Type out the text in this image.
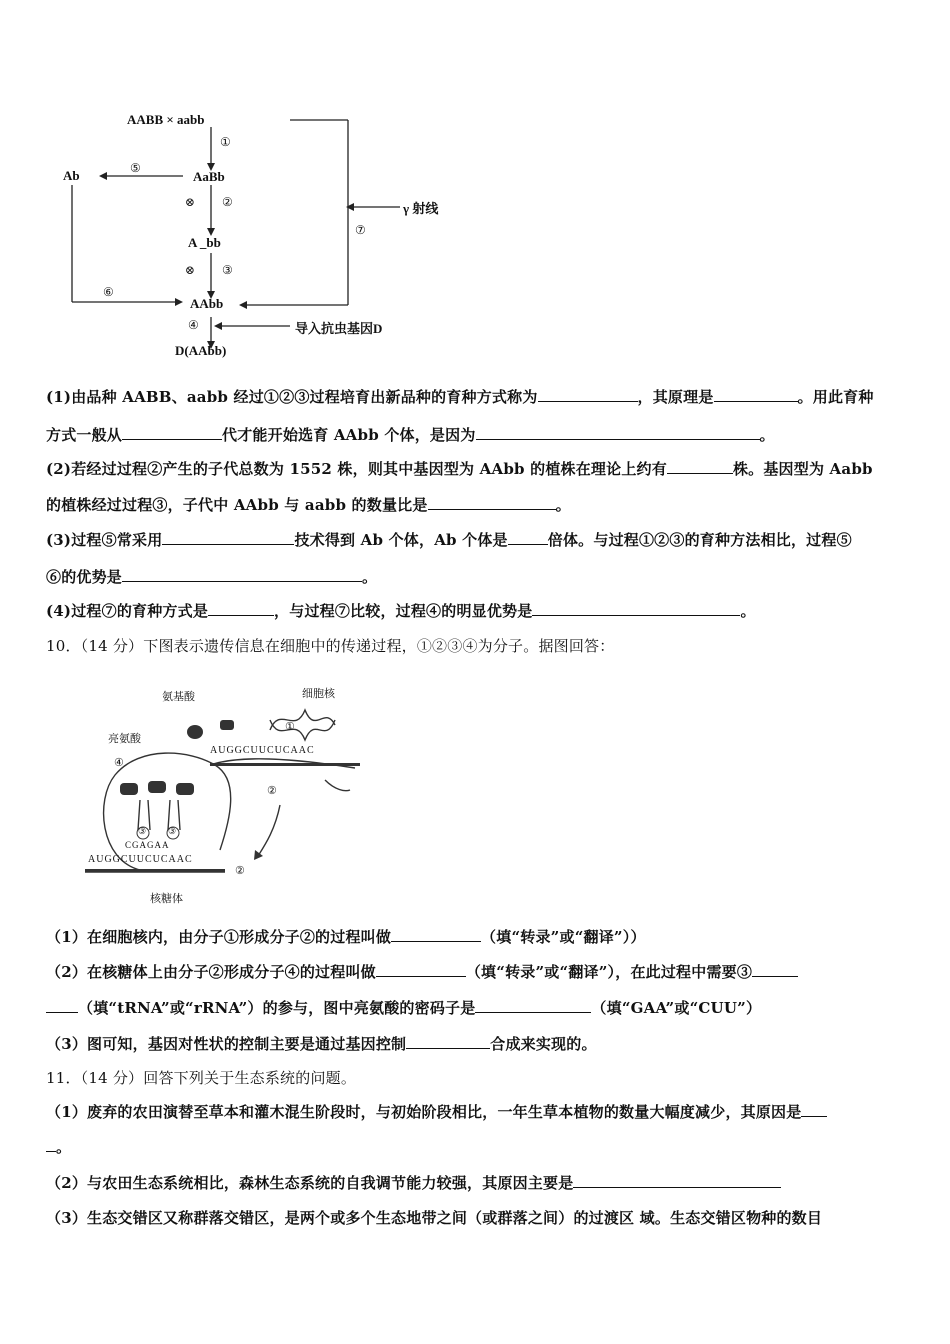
AABB × aabb
①
AaBb
Ab	⑤
⊗ ②
A _bb
⊗ ③
AAbb
⑥
⑦
γ 射线
④	导入抗虫基因D
D(AAbb)
(1)由品种 AABB、aabb 经过①②③过程培育出新品种的育种方式称为	，其原理是	。用此育种
方式一般从	代才能开始选育 AAbb 个体，是因为	。
(2)若经过过程②产生的子代总数为 1552 株，则其中基因型为 AAbb 的植株在理论上约有	株。基因型为 Aabb
的植株经过过程③，子代中 AAbb 与 aabb 的数量比是	。
(3)过程⑤常采用	技术得到 Ab 个体，Ab 个体是	倍体。与过程①②③的育种方法相比，过程⑤
⑥的优势是	。
(4)过程⑦的育种方式是	，与过程⑦比较，过程④的明显优势是	。
10．（14 分）下图表示遗传信息在细胞中的传递过程，①②③④为分子。据图回答：
氨基酸	细胞核
亮氨酸
AUGGCUUCUCAAC
①
②
④
③ ③
CGAGAA
AUGGCUUCUCAAC
②
核糖体
（1）在细胞核内，由分子①形成分子②的过程叫做	（填“转录”或“翻译”））
（2）在核糖体上由分子②形成分子④的过程叫做	（填“转录”或“翻译”），在此过程中需要③
（填“tRNA”或“rRNA”）的参与，图中亮氨酸的密码子是	（填“GAA”或“CUU”）
（3）图可知，基因对性状的控制主要是通过基因控制	合成来实现的。
11．（14 分）回答下列关于生态系统的问题。
（1）废弃的农田演替至草本和灌木混生阶段时，与初始阶段相比，一年生草本植物的数量大幅度减少，其原因是
。
（2）与农田生态系统相比，森林生态系统的自我调节能力较强，其原因主要是
（3）生态交错区又称群落交错区，是两个或多个生态地带之间（或群落之间）的过渡区 域。生态交错区物种的数目
